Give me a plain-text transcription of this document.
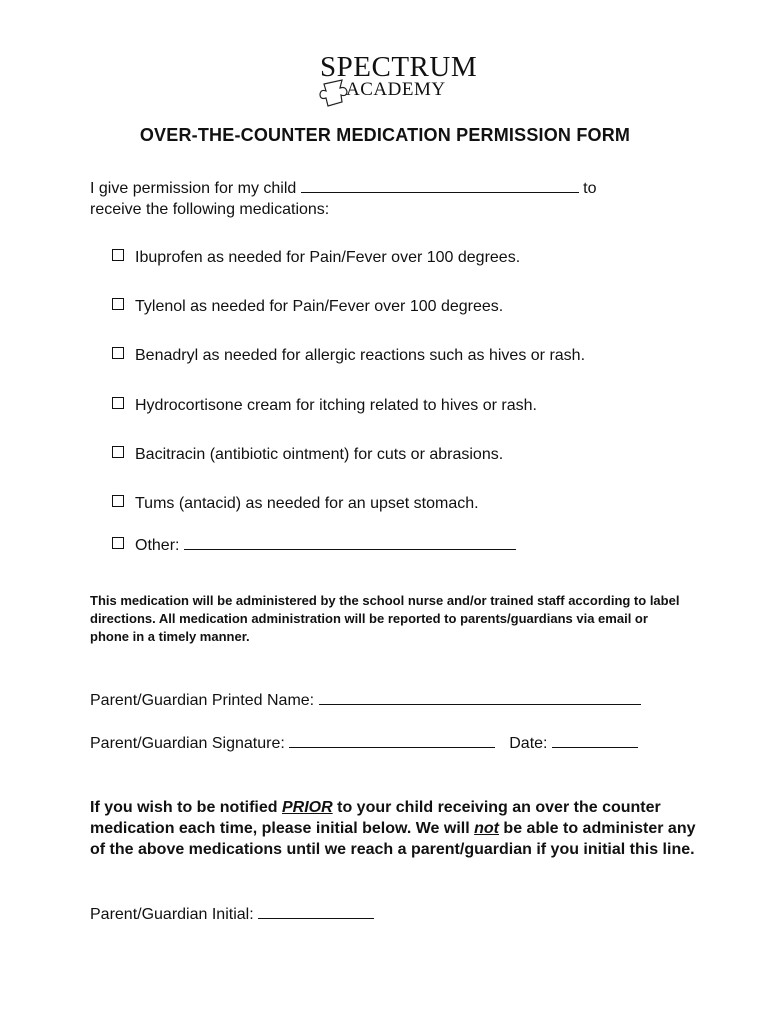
SPECTRUM
ACADEMY
OVER-THE-COUNTER MEDICATION PERMISSION FORM
I give permission for my child	to
receive the following medications:
Ibuprofen as needed for Pain/Fever over 100 degrees.
Tylenol as needed for Pain/Fever over 100 degrees.
Benadryl as needed for allergic reactions such as hives or rash.
Hydrocortisone cream for itching related to hives or rash.
Bacitracin (antibiotic ointment) for cuts or abrasions.
Tums (antacid) as needed for an upset stomach.
Other:
This medication will be administered by the school nurse and/or trained staff according to label directions. All medication administration will be reported to parents/guardians via email or phone in a timely manner.
Parent/Guardian Printed Name:
Parent/Guardian Signature:	Date:
If you wish to be notified PRIOR to your child receiving an over the counter medication each time, please initial below. We will not be able to administer any of the above medications until we reach a parent/guardian if you initial this line.
Parent/Guardian Initial:
